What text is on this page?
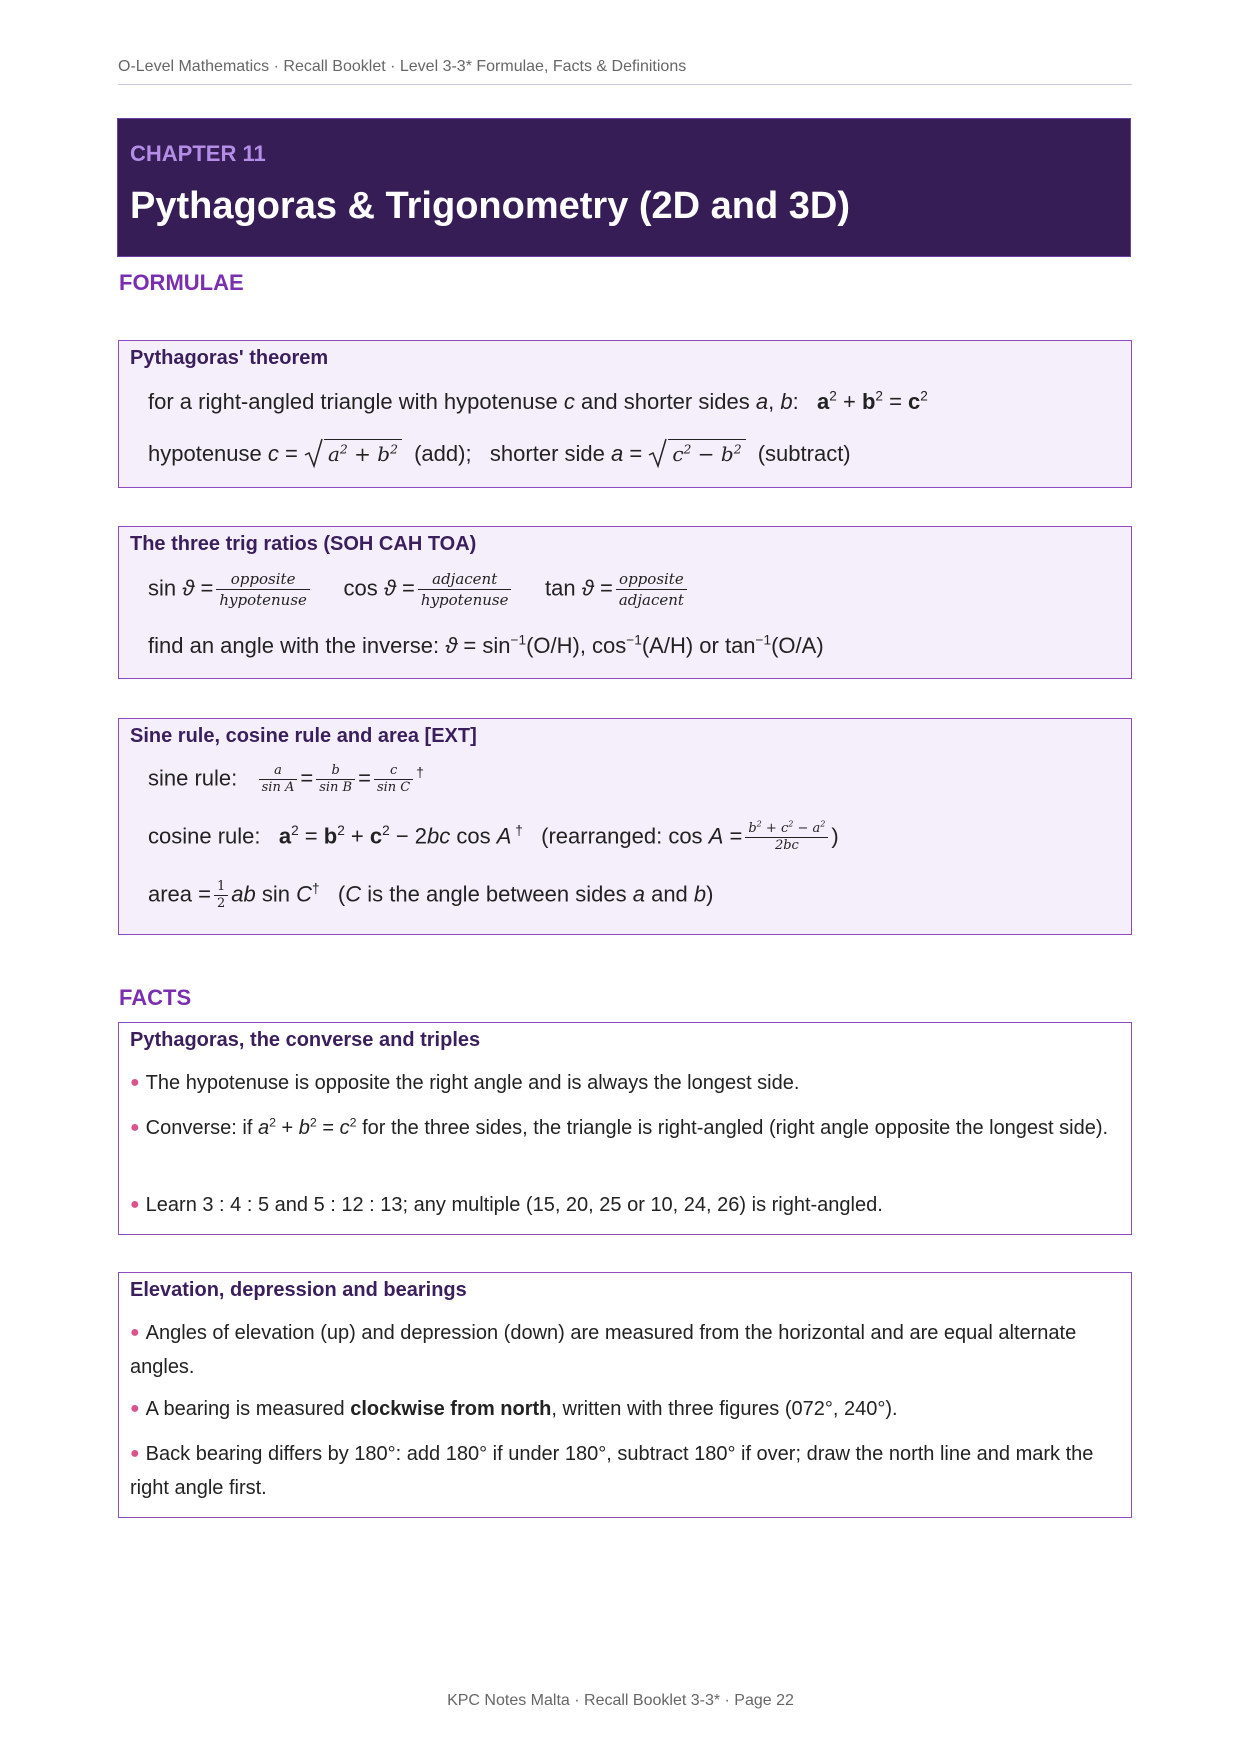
O-Level Mathematics · Recall Booklet · Level 3-3* Formulae, Facts & Definitions
CHAPTER 11
Pythagoras & Trigonometry (2D and 3D)
FORMULAE
Pythagoras' theorem
for a right-angled triangle with hypotenuse c and shorter sides a, b:   $a^2 + b^2 = c^2$
hypotenuse c =
$a^2 + b^2$ (add); shorter side a =
$c^2 - b^2$ (subtract)
The three trig ratios (SOH CAH TOA)
$\sin ϑ = \frac{\text{opposite}}{\text{hypotenuse}}$ $\cos ϑ = \frac{\text{adjacent}}{\text{hypotenuse}}$ $\tan ϑ = \frac{\text{opposite}}{\text{adjacent}}$
find an angle with the inverse: $ϑ = \sin^{-1}(O/H)$, $\cos^{-1}(A/H)$ or $\tan^{-1}(O/A)$
Sine rule, cosine rule and area [EXT]
sine rule: $\frac{a}{\text{sin A}} = \frac{b}{\text{sin B}} = \frac{c}{\text{sin C}} ^\dagger$
cosine rule: $a^2 = b^2 + c^2 - 2bc$ cos A † (rearranged: $\cos A = \frac{b^2 + c^2 - a^2}{2bc}$ )
area = $\frac{1}{2}$ ab sin C†   (C is the angle between sides a and b)
FACTS
Pythagoras, the converse and triples
● The hypotenuse is opposite the right angle and is always the longest side.
● Converse: if $a^2 + b^2 = c^2$ for the three sides, the triangle is right-angled (right angle opposite the longest side).
● Learn 3 : 4 : 5 and 5 : 12 : 13; any multiple (15, 20, 25 or 10, 24, 26) is right-angled.
Elevation, depression and bearings
● Angles of elevation (up) and depression (down) are measured from the horizontal and are equal alternate angles.
● A bearing is measured clockwise from north, written with three figures (072°, 240°).
● Back bearing differs by 180°: add 180° if under 180°, subtract 180° if over; draw the north line and mark the right angle first.
KPC Notes Malta · Recall Booklet 3-3* · Page 22
